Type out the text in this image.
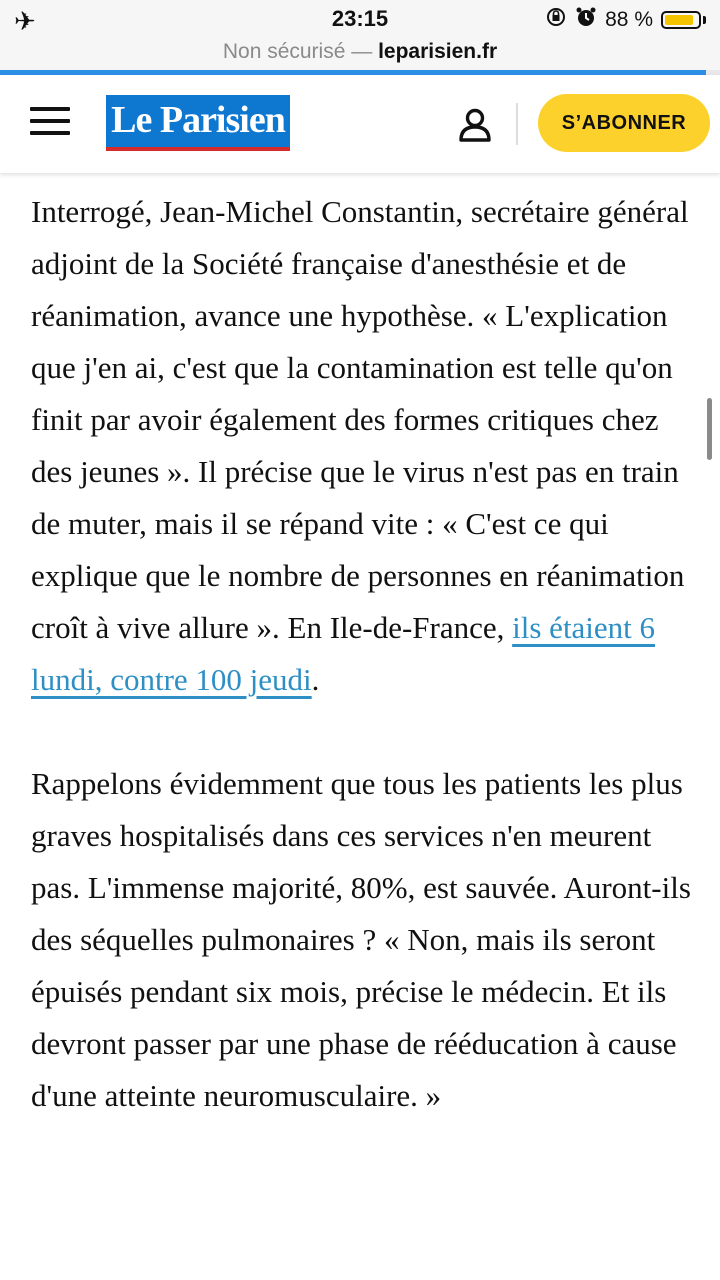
✈	23:15	88 %
Non sécurisé — leparisien.fr
Le Parisien	S’ABONNER

Interrogé, Jean-Michel Constantin, secrétaire général adjoint de la Société française d'anesthésie et de réanimation, avance une hypothèse. « L'explication que j'en ai, c'est que la contamination est telle qu'on finit par avoir également des formes critiques chez des jeunes ». Il précise que le virus n'est pas en train de muter, mais il se répand vite : « C'est ce qui explique que le nombre de personnes en réanimation croît à vive allure ». En Ile-de-France, ils étaient 6 lundi, contre 100 jeudi.

Rappelons évidemment que tous les patients les plus graves hospitalisés dans ces services n'en meurent pas. L'immense majorité, 80%, est sauvée. Auront-ils des séquelles pulmonaires ? « Non, mais ils seront épuisés pendant six mois, précise le médecin. Et ils devront passer par une phase de rééducation à cause d'une atteinte neuromusculaire. »
